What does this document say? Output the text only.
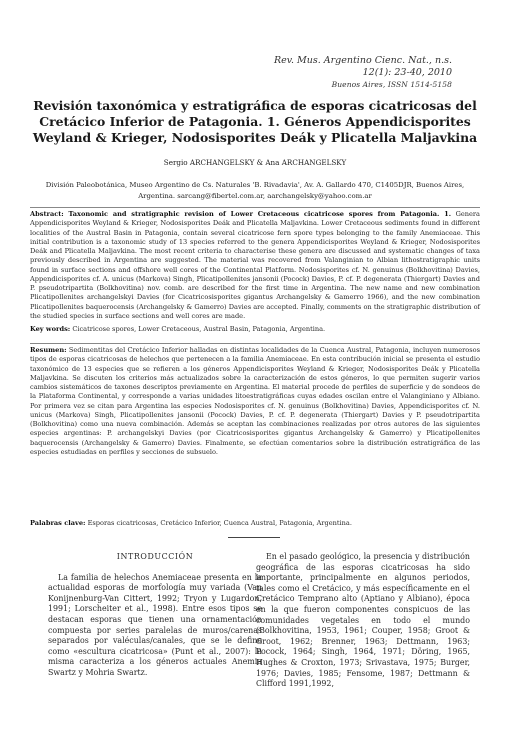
Rev. Mus. Argentino Cienc. Nat., n.s.
12(1): 23-40, 2010
Buenos Aires, ISSN 1514-5158
Revisión taxonómica y estratigráfica de esporas cicatricosas del Cretácico Inferior de Patagonia. 1. Géneros Appendicisporites Weyland & Krieger, Nodosisporites Deák y Plicatella Maljavkina
Sergio ARCHANGELSKY & Ana ARCHANGELSKY
División Paleobotánica, Museo Argentino de Cs. Naturales 'B. Rivadavia', Av. A. Gallardo 470, C1405DJR, Buenos Aires, Argentina. sarcang@fibertel.com.ar, aarchangelsky@yahoo.com.ar
Abstract: Taxonomic and stratigraphic revision of Lower Cretaceous cicatricose spores from Patagonia. 1. Genera Appendicisporites Weyland & Krieger, Nodosisporites Deák and Plicatella Maljavkina. Lower Cretaceous sediments found in different localities of the Austral Basin in Patagonia, contain several cicatricose fern spore types belonging to the family Anemiaceae. This initial contribution is a taxonomic study of 13 species referred to the genera Appendicisporites Weyland & Krieger, Nodosisporites Deák and Plicatella Maljavkina. The most recent criteria to characterise these genera are discussed and systematic changes of taxa previously described in Argentina are suggested. The material was recovered from Valanginian to Albian lithostratigraphic units found in surface sections and offshore well cores of the Continental Platform. Nodosisporites cf. N. genuinus (Bolkhovitina) Davies, Appendicisporites cf. A. unicus (Markova) Singh, Plicatipollenites jansonii (Pocock) Davies, P. cf. P. degenerata (Thiergart) Davies and P. pseudotripartita (Bolkhovitina) nov. comb. are described for the first time in Argentina. The new name and new combination Plicatipollenites archangelskyi Davies (for Cicatricosisporites gigantus Archangelsky & Gamerro 1966), and the new combination Plicatipollenites baquerocensis (Archangelsky & Gamerro) Davies are accepted. Finally, comments on the stratigraphic distribution of the studied species in surface sections and well cores are made.
Key words: Cicatricose spores, Lower Cretaceous, Austral Basin, Patagonia, Argentina.
Resumen: Sedimentitas del Cretácico Inferior halladas en distintas localidades de la Cuenca Austral, Patagonia, incluyen numerosos tipos de esporas cicatricosas de helechos que pertenecen a la familia Anemiaceae. En esta contribución inicial se presenta el estudio taxonómico de 13 especies que se refieren a los géneros Appendicisporites Weyland & Krieger, Nodosisporites Deák y Plicatella Maljavkina. Se discuten los criterios más actualizados sobre la caracterización de estos géneros, lo que permiten sugerir varios cambios sistemáticos de taxones descriptos previamente en Argentina. El material procede de perfiles de superficie y de sondeos de la Plataforma Continental, y corresponde a varias unidades litoestratigráficas cuyas edades oscilan entre el Valanginiano y Albiano. Por primera vez se citan para Argentina las especies Nodosisporites cf. N. genuinus (Bolkhovitina) Davies, Appendicisporites cf. N. unicus (Markova) Singh, Plicatipollenites jansonii (Pocock) Davies, P. cf. P. degenerata (Thiergart) Davies y P. pseudotripartita (Bolkhovitina) como una nueva combinación. Además se aceptan las combinaciones realizadas por otros autores de las siguientes especies argentinas: P. archangelskyi Davies (por Cicatricosisporites gigantus Archangelsky & Gamerro) y Plicatipollenites baquerocensis (Archangelsky & Gamerro) Davies. Finalmente, se efectúan comentarios sobre la distribución estratigráfica de las especies estudiadas en perfiles y secciones de subsuelo.
Palabras clave: Esporas cicatricosas, Cretácico Inferior, Cuenca Austral, Patagonia, Argentina.
INTRODUCCIÓN

La familia de helechos Anemiaceae presenta en la actualidad esporas de morfología muy variada (Van Konijnenburg-Van Cittert, 1992; Tryon y Lugardon, 1991; Lorscheiter et al., 1998). Entre esos tipos se destacan esporas que tienen una ornamentación compuesta por series paralelas de muros/carenas separados por valéculas/canales, que se le define como «escultura cicatricosa» (Punt et al., 2007): la misma caracteriza a los géneros actuales Anemia Swartz y Mohria Swartz.

En el pasado geológico, la presencia y distribución geográfica de las esporas cicatricosas ha sido importante, principalmente en algunos periodos, tales como el Cretácico, y más específicamente en el Cretácico Temprano alto (Aptiano y Albiano), época en la que fueron componentes conspicuos de las comunidades vegetales en todo el mundo (Bolkhovitina, 1953, 1961; Couper, 1958; Groot & Groot, 1962; Brenner, 1963; Dettmann, 1963; Pocock, 1964; Singh, 1964, 1971; Döring, 1965, Hughes & Croxton, 1973; Srivastava, 1975; Burger, 1976; Davies, 1985; Fensome, 1987; Dettmann & Clifford 1991,1992,
